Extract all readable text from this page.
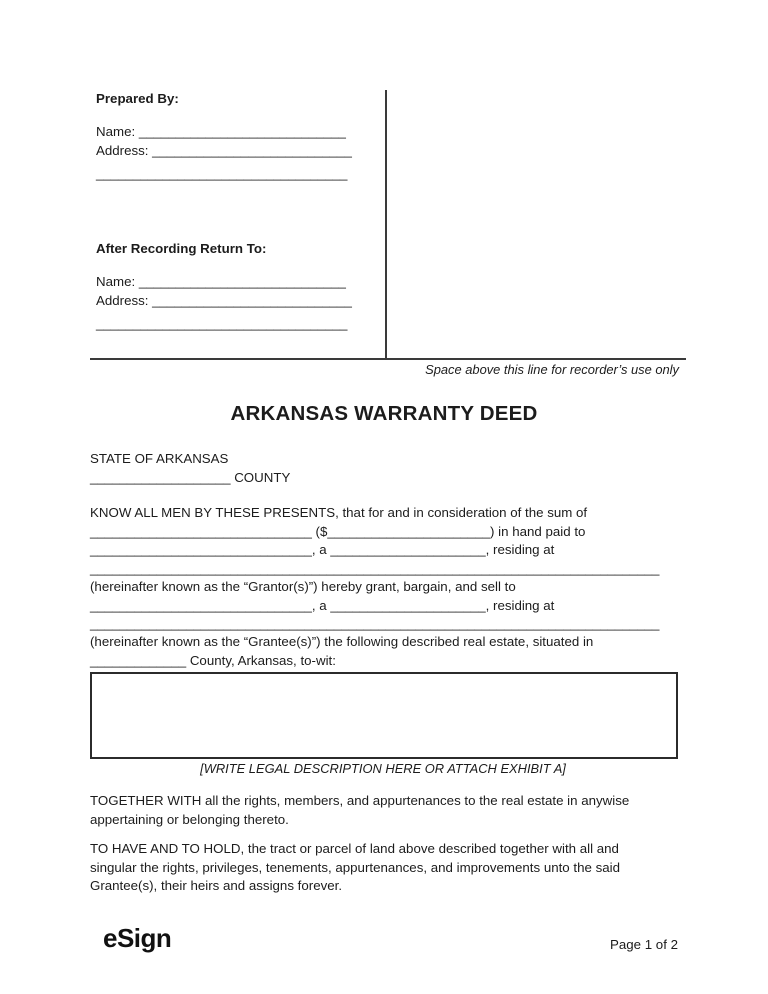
Prepared By:
Name: ____________________________
Address: ___________________________
__________________________________
After Recording Return To:
Name: ____________________________
Address: ___________________________
__________________________________
Space above this line for recorder’s use only
ARKANSAS WARRANTY DEED
STATE OF ARKANSAS
___________________ COUNTY
KNOW ALL MEN BY THESE PRESENTS, that for and in consideration of the sum of
______________________________ ($______________________) in hand paid to
______________________________, a _____________________, residing at
_____________________________________________________________________________
(hereinafter known as the “Grantor(s)”) hereby grant, bargain, and sell to
______________________________, a _____________________, residing at
_____________________________________________________________________________
(hereinafter known as the “Grantee(s)”) the following described real estate, situated in
_____________ County, Arkansas, to-wit:
[WRITE LEGAL DESCRIPTION HERE OR ATTACH EXHIBIT A]
TOGETHER WITH all the rights, members, and appurtenances to the real estate in anywise
appertaining or belonging thereto.
TO HAVE AND TO HOLD, the tract or parcel of land above described together with all and
singular the rights, privileges, tenements, appurtenances, and improvements unto the said
Grantee(s), their heirs and assigns forever.
eSign	Page 1 of 2
